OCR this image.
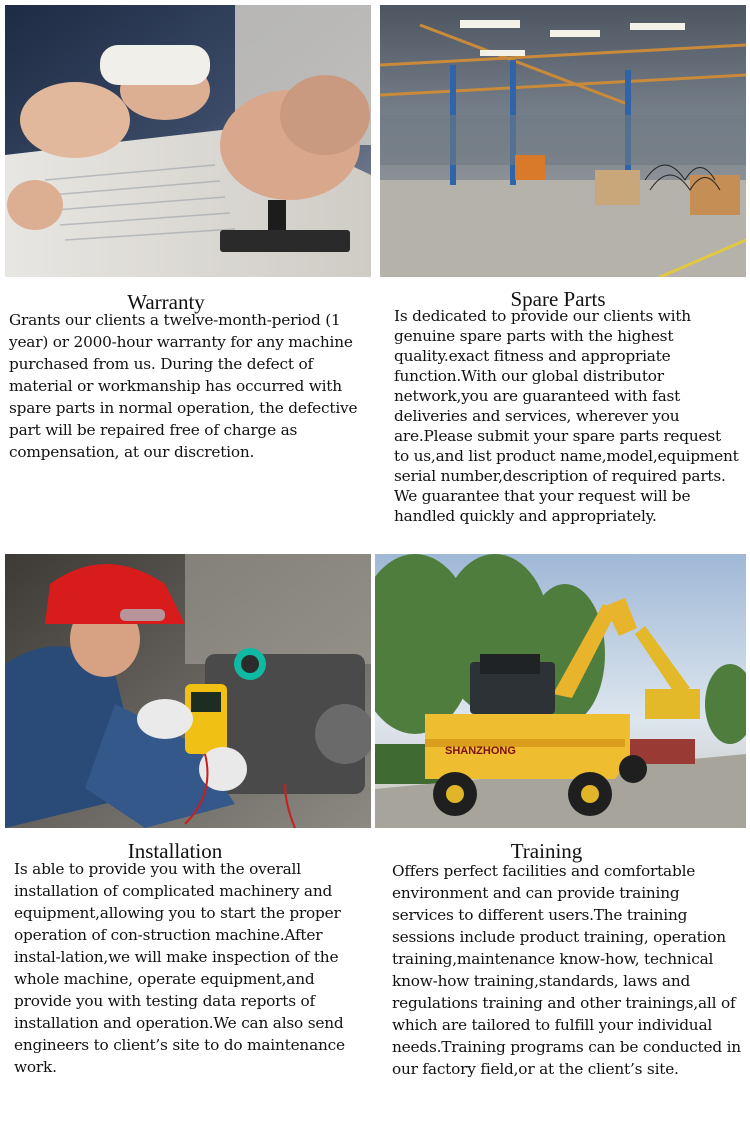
Warranty
Grants our clients a twelve-month-period (1 year) or 2000-hour warranty for any machine purchased from us. During the defect of material or workmanship has occurred with spare parts in normal operation, the defective part will be repaired free of charge as compensation, at our discretion.
Spare Parts
Is dedicated to provide our clients with genuine spare parts with the highest quality.exact fitness and appropriate function.With our global distributor network,you are guaranteed with fast deliveries and services, wherever you are.Please submit your spare parts request to us,and list product name,model,equipment serial number,description of required parts. We guarantee that your request will be handled quickly and appropriately.
SHANZHONG
Installation
Is able to provide you with the overall installation of complicated machinery and equipment,allowing you to start the proper operation of con-struction machine.After instal-lation,we will make inspection of the whole machine, operate equipment,and provide you with testing data reports of installation and operation.We can also send engineers to client’s site to do maintenance work.
Training
Offers perfect facilities and comfortable environment and can provide training services to different users.The training sessions include product training, operation training,maintenance know-how, technical know-how training,standards, laws and regulations training and other trainings,all of which are tailored to fulfill your individual needs.Training programs can be conducted in our factory field,or at the client’s site.
